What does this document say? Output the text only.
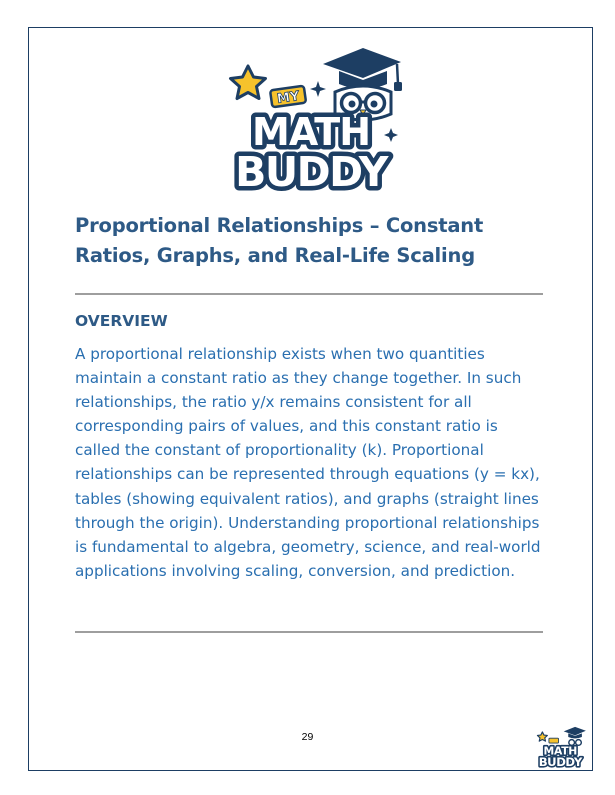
MY
MATH
BUDDY
Proportional Relationships – Constant Ratios, Graphs, and Real-Life Scaling
OVERVIEW

A proportional relationship exists when two quantities maintain a constant ratio as they change together. In such relationships, the ratio y/x remains consistent for all corresponding pairs of values, and this constant ratio is called the constant of proportionality (k). Proportional relationships can be represented through equations (y = kx), tables (showing equivalent ratios), and graphs (straight lines through the origin). Understanding proportional relationships is fundamental to algebra, geometry, science, and real-world applications involving scaling, conversion, and prediction.

29
MATH
BUDDY
